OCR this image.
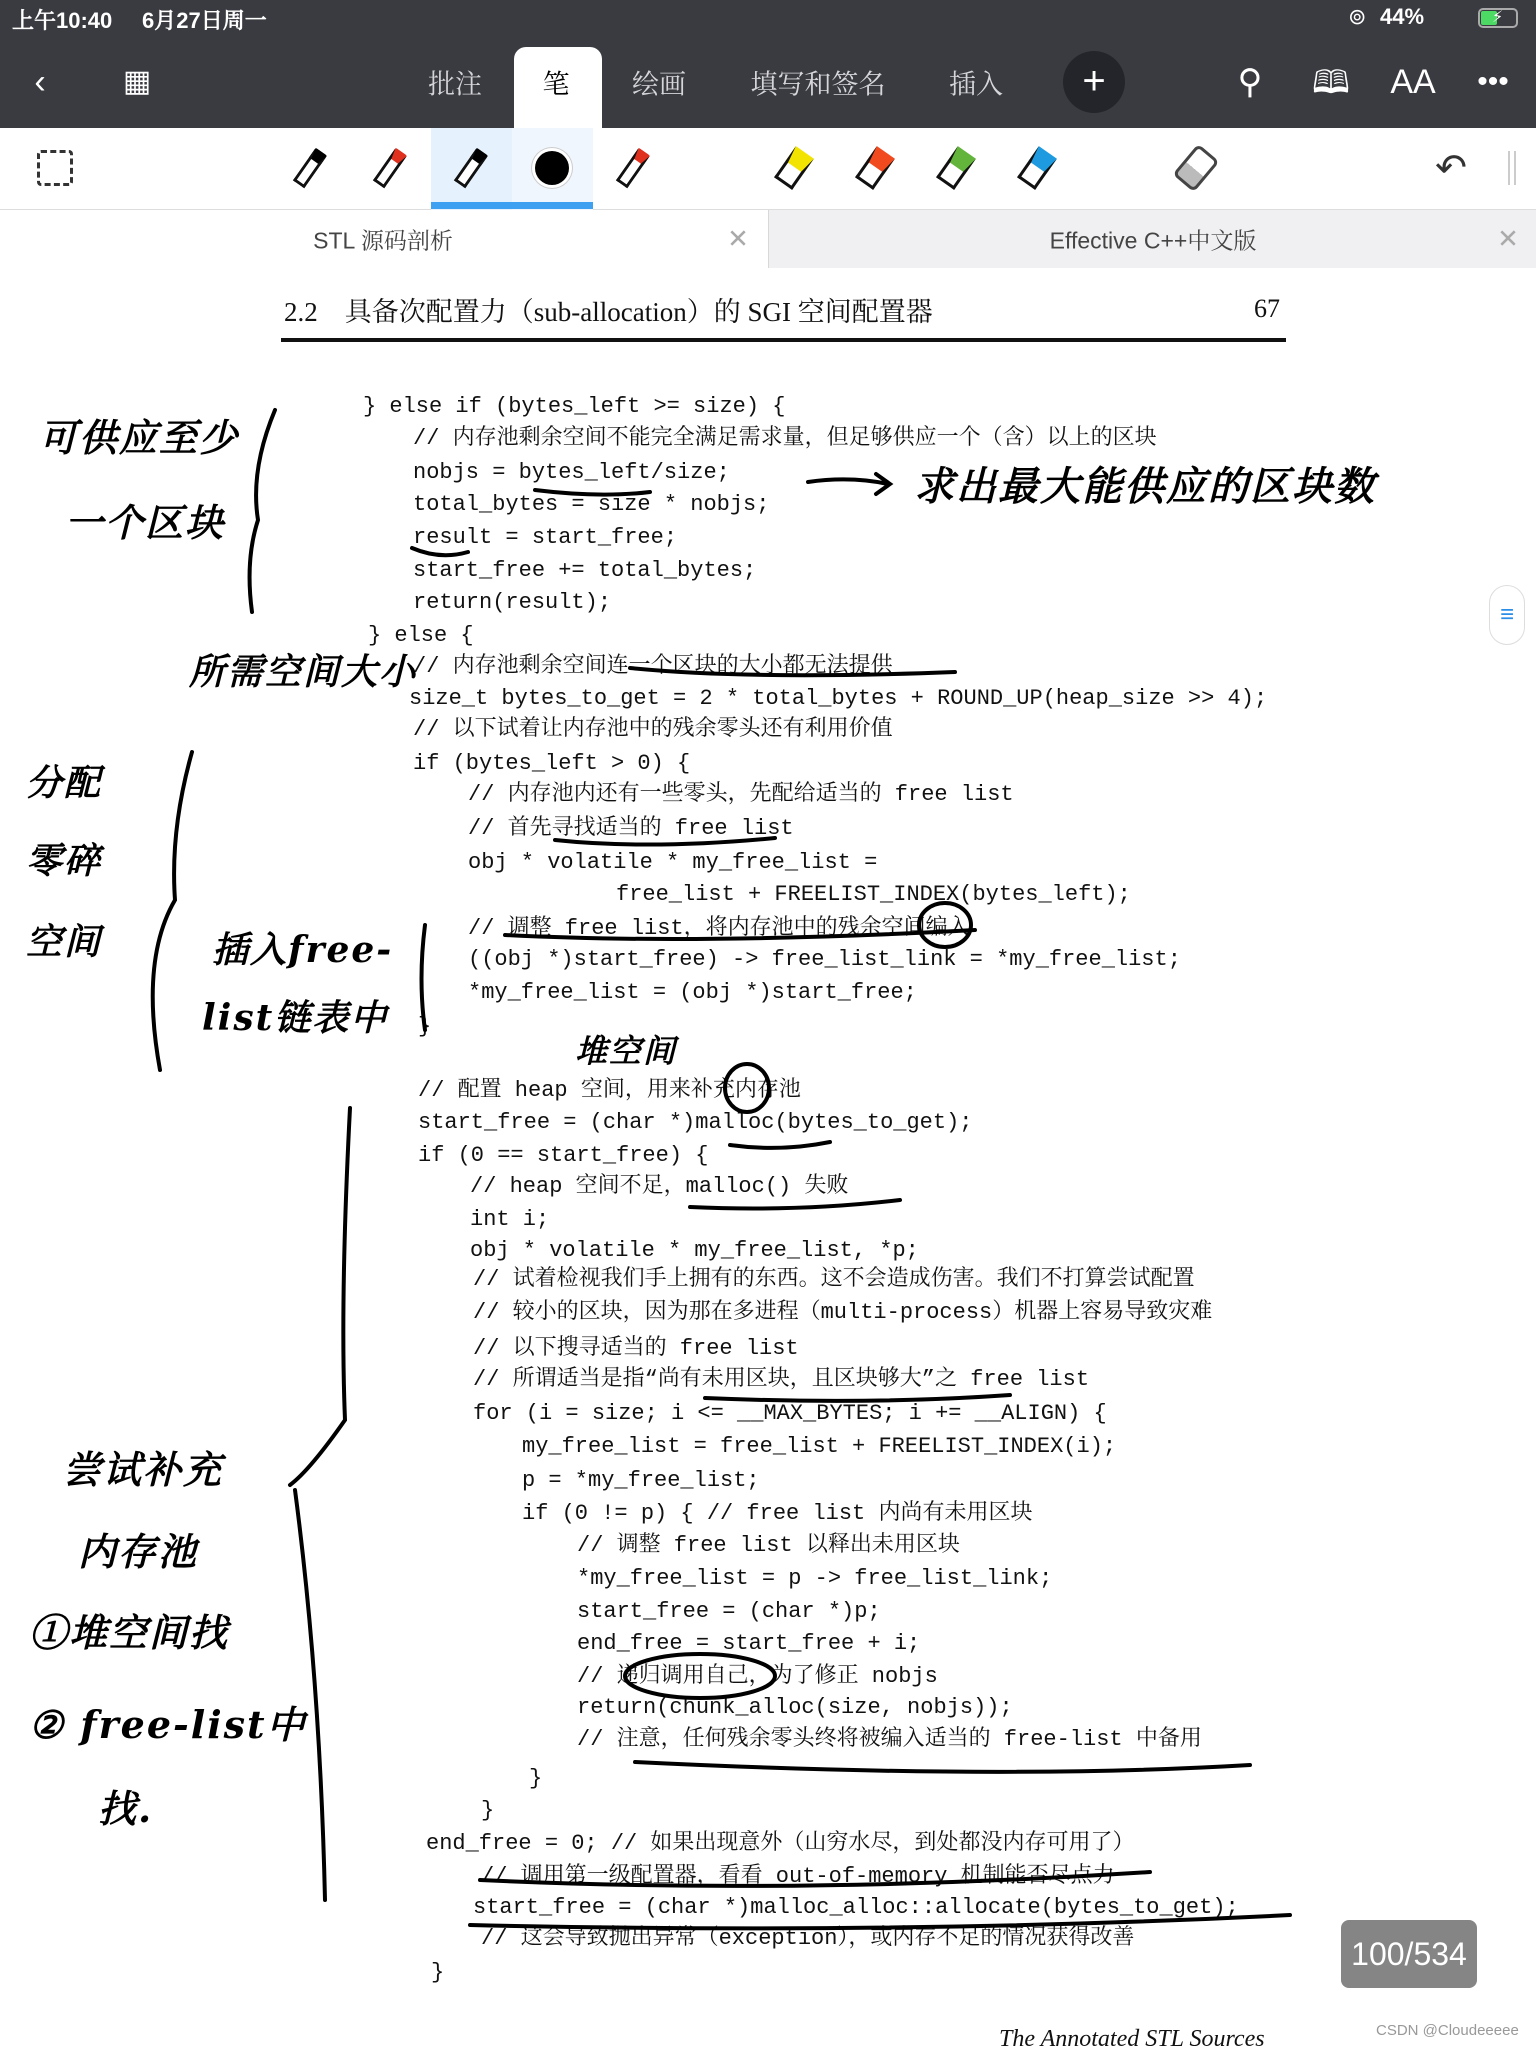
上午10:40 6月27日周一	⊚ 44%	⚡
‹	▦	批注 笔 绘画 填写和签名 插入	+	⚲ 🕮 AA •••
↶
STL 源码剖析	✕	Effective C++中文版	✕
2.2　具备次配置力（sub-allocation）的 SGI 空间配置器	67
} else if (bytes_left >= size) {
// 内存池剩余空间不能完全满足需求量，但足够供应一个（含）以上的区块
nobjs = bytes_left/size;
total_bytes = size * nobjs;
result = start_free;
start_free += total_bytes;
return(result);
} else {
// 内存池剩余空间连一个区块的大小都无法提供
size_t bytes_to_get = 2 * total_bytes + ROUND_UP(heap_size >> 4);
// 以下试着让内存池中的残余零头还有利用价值
if (bytes_left > 0) {
// 内存池内还有一些零头，先配给适当的 free list
// 首先寻找适当的 free list
obj * volatile * my_free_list =
free_list + FREELIST_INDEX(bytes_left);
// 调整 free list，将内存池中的残余空间编入
((obj *)start_free) -> free_list_link = *my_free_list;
*my_free_list = (obj *)start_free;
}
// 配置 heap 空间，用来补充内存池
start_free = (char *)malloc(bytes_to_get);
if (0 == start_free) {
// heap 空间不足，malloc() 失败
int i;
obj * volatile * my_free_list, *p;
// 试着检视我们手上拥有的东西。这不会造成伤害。我们不打算尝试配置
// 较小的区块，因为那在多进程（multi-process）机器上容易导致灾难
// 以下搜寻适当的 free list
// 所谓适当是指“尚有未用区块，且区块够大”之 free list
for (i = size; i <= __MAX_BYTES; i += __ALIGN) {
my_free_list = free_list + FREELIST_INDEX(i);
p = *my_free_list;
if (0 != p) { // free list 内尚有未用区块
// 调整 free list 以释出未用区块
*my_free_list = p -> free_list_link;
start_free = (char *)p;
end_free = start_free + i;
// 递归调用自己，为了修正 nobjs
return(chunk_alloc(size, nobjs));
// 注意，任何残余零头终将被编入适当的 free-list 中备用
}
}
end_free = 0; // 如果出现意外（山穷水尽，到处都没内存可用了）
// 调用第一级配置器，看看 out-of-memory 机制能否尽点力
start_free = (char *)malloc_alloc::allocate(bytes_to_get);
// 这会导致抛出异常（exception），或内存不足的情况获得改善
}
可供应至少
一个区块
求出最大能供应的区块数
所需空间大小
分配
零碎
空间	插入free-
list链表中
堆空间
尝试补充
内存池
①堆空间找
② free-list中
找.
≡
The Annotated STL Sources
100/534
CSDN @Cloudeeeee
